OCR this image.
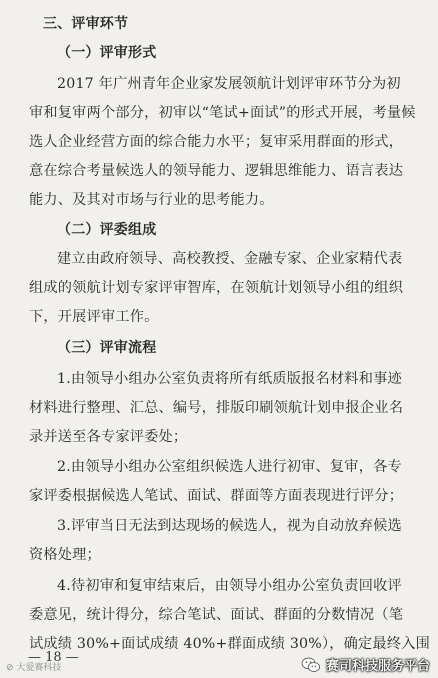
三、评审环节
（一）评审形式
2017 年广州青年企业家发展领航计划评审环节分为初
审和复审两个部分，初审以“笔试+面试”的形式开展，考量候
选人企业经营方面的综合能力水平；复审采用群面的形式，
意在综合考量候选人的领导能力、逻辑思维能力、语言表达
能力、及其对市场与行业的思考能力。
（二）评委组成
建立由政府领导、高校教授、金融专家、企业家精代表
组成的领航计划专家评审智库，在领航计划领导小组的组织
下，开展评审工作。
（三）评审流程
1.由领导小组办公室负责将所有纸质版报名材料和事迹
材料进行整理、汇总、编号，排版印刷领航计划申报企业名
录并送至各专家评委处；
2.由领导小组办公室组织候选人进行初审、复审，各专
家评委根据候选人笔试、面试、群面等方面表现进行评分；
3.评审当日无法到达现场的候选人，视为自动放弃候选
资格处理；
4.待初审和复审结束后，由领导小组办公室负责回收评
委意见，统计得分，综合笔试、面试、群面的分数情况（笔
试成绩 30%+面试成绩 40%+群面成绩 30%），确定最终入围
— 18 —
⊘ 大爱赛科技	赛司科技服务平台
